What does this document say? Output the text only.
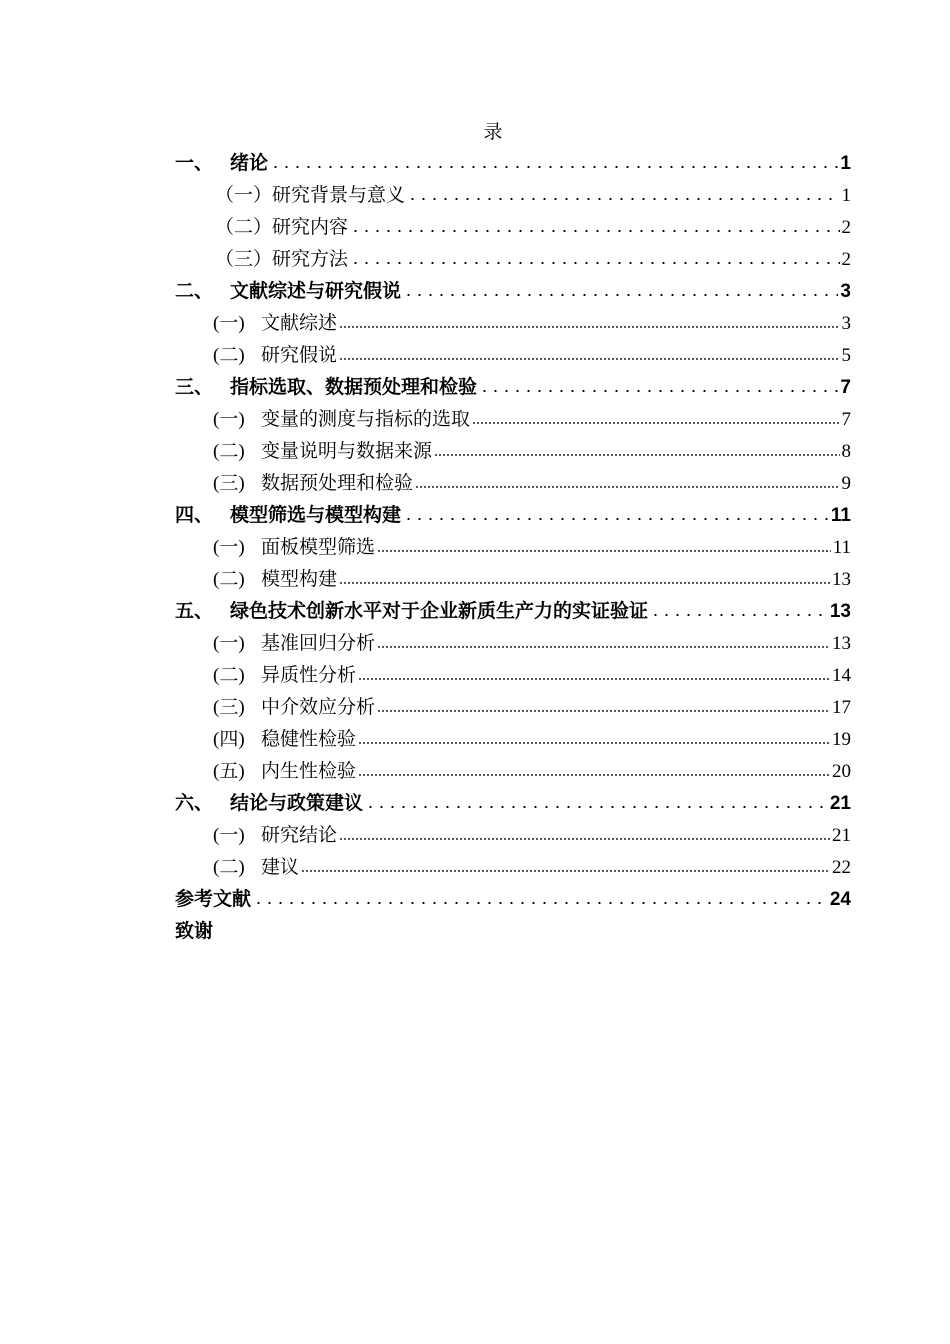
录
一、 绪论	1
（一） 研究背景与意义	1
（二） 研究内容	2
（三） 研究方法	2
二、 文献综述与研究假说	3
(一) 文献综述	3
(二) 研究假说	5
三、 指标选取、数据预处理和检验	7
(一) 变量的测度与指标的选取	7
(二) 变量说明与数据来源	8
(三) 数据预处理和检验	9
四、 模型筛选与模型构建	11
(一) 面板模型筛选	11
(二) 模型构建	13
五、 绿色技术创新水平对于企业新质生产力的实证验证	13
(一) 基准回归分析	13
(二) 异质性分析	14
(三) 中介效应分析	17
(四) 稳健性检验	19
(五) 内生性检验	20
六、 结论与政策建议	21
(一) 研究结论	21
(二) 建议	22
参考文献	24
致谢
